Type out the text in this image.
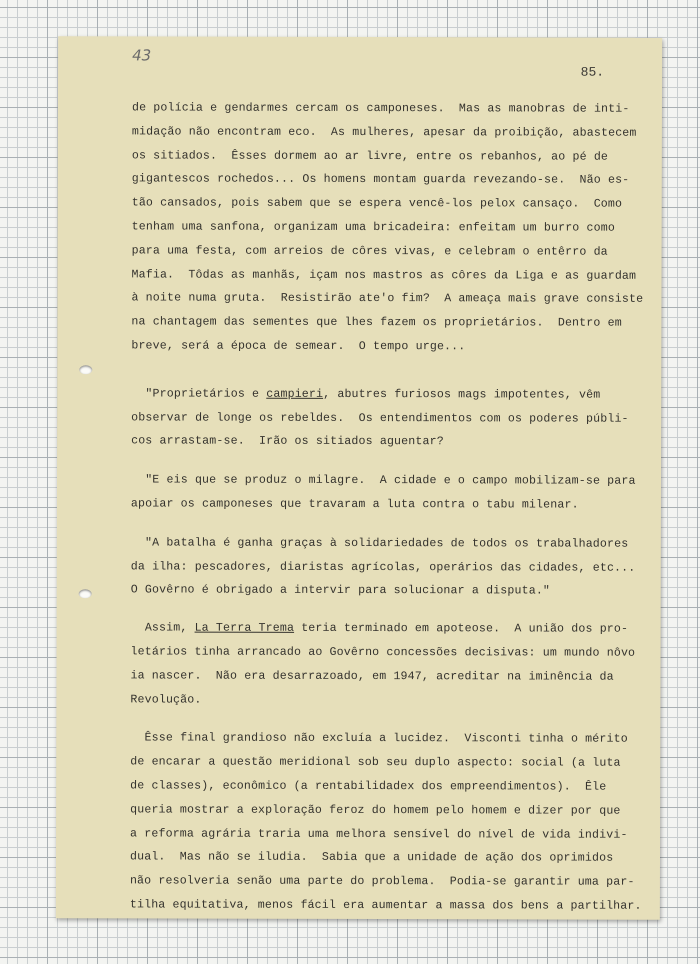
43
85.
de polícia e gendarmes cercam os camponeses.  Mas as manobras de inti-
midação não encontram eco.  As mulheres, apesar da proibição, abastecem
os sitiados.  Êsses dormem ao ar livre, entre os rebanhos, ao pé de
gigantescos rochedos... Os homens montam guarda revezando-se.  Não es-
tão cansados, pois sabem que se espera vencê-los pelox cansaço.  Como
tenham uma sanfona, organizam uma bricadeira: enfeitam um burro como
para uma festa, com arreios de côres vivas, e celebram o entêrro da
Mafia.  Tôdas as manhãs, içam nos mastros as côres da Liga e as guardam
à noite numa gruta.  Resistirão ate'o fim?  A ameaça mais grave consiste
na chantagem das sementes que lhes fazem os proprietários.  Dentro em
breve, será a época de semear.  O tempo urge...
"Proprietários e campieri, abutres furiosos mags impotentes, vêm
observar de longe os rebeldes.  Os entendimentos com os poderes públi-
cos arrastam-se.  Irão os sitiados aguentar?
"E eis que se produz o milagre.  A cidade e o campo mobilizam-se para
apoiar os camponeses que travaram a luta contra o tabu milenar.
"A batalha é ganha graças à solidariedades de todos os trabalhadores
da ilha: pescadores, diaristas agrícolas, operários das cidades, etc...
O Govêrno é obrigado a intervir para solucionar a disputa."
Assim, La Terra Trema teria terminado em apoteose.  A união dos pro-
letários tinha arrancado ao Govêrno concessões decisivas: um mundo nôvo
ia nascer.  Não era desarrazoado, em 1947, acreditar na iminência da
Revolução.
Êsse final grandioso não excluía a lucidez.  Visconti tinha o mérito
de encarar a questão meridional sob seu duplo aspecto: social (a luta
de classes), econômico (a rentabilidadex dos empreendimentos).  Êle
queria mostrar a exploração feroz do homem pelo homem e dizer por que
a reforma agrária traria uma melhora sensível do nível de vida indivi-
dual.  Mas não se iludia.  Sabia que a unidade de ação dos oprimidos
não resolveria senão uma parte do problema.  Podia-se garantir uma par-
tilha equitativa, menos fácil era aumentar a massa dos bens a partilhar.
